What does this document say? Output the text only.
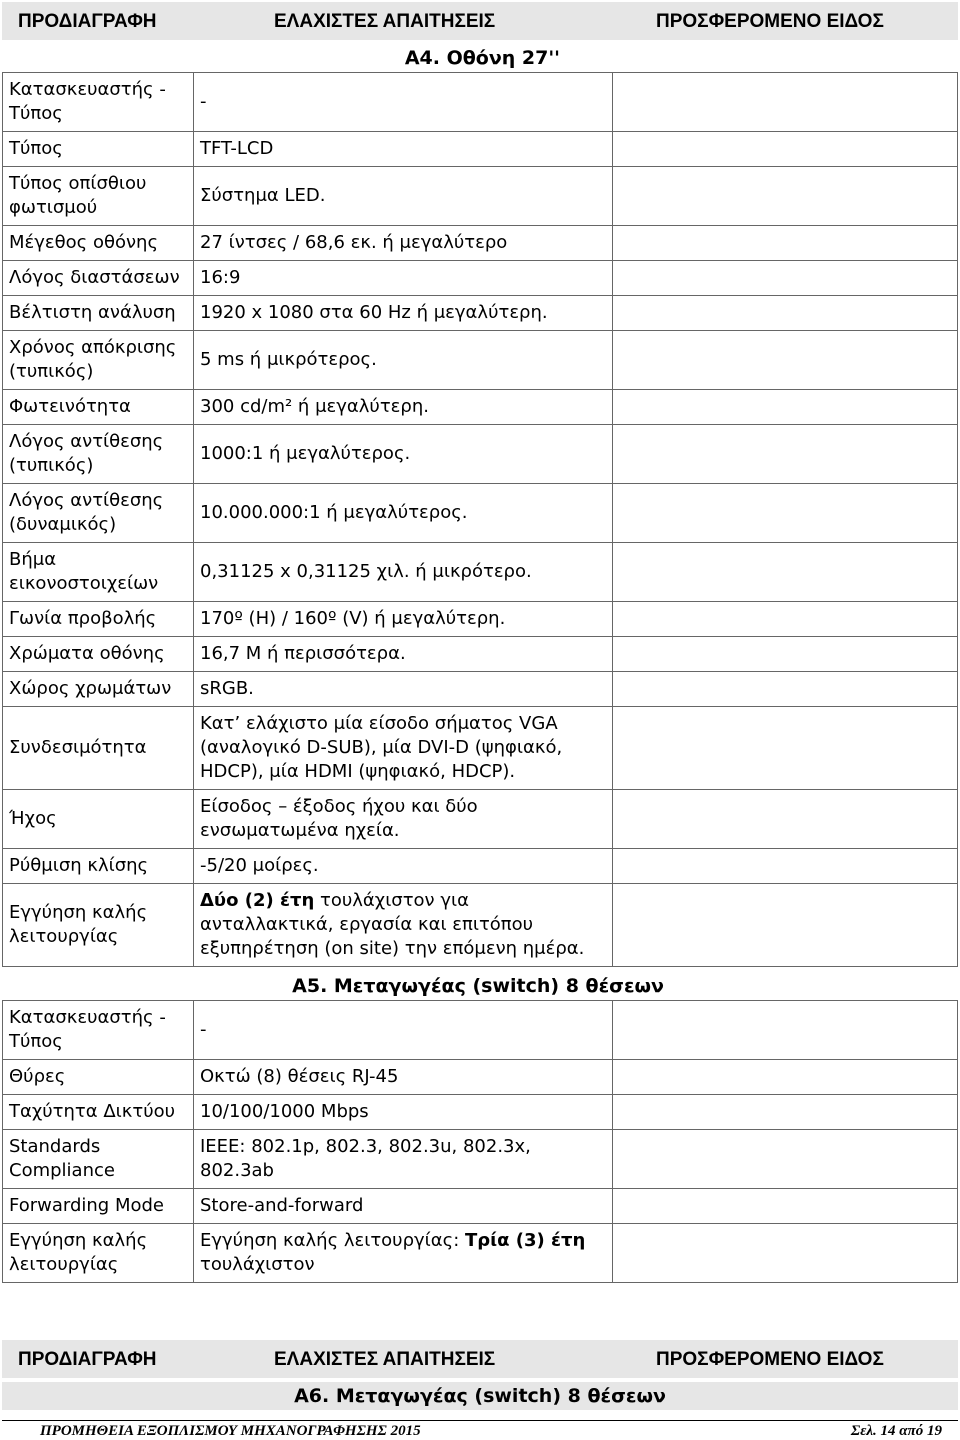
ΠΡΟΔΙΑΓΡΑΦΗ	ΕΛΑΧΙΣΤΕΣ ΑΠΑΙΤΗΣΕΙΣ	ΠΡΟΣΦΕΡΟΜΕΝΟ ΕΙΔΟΣ
Α4. Οθόνη 27''
Κατασκευαστής - Τύπος	-	
Τύπος	TFT-LCD	
Τύπος οπίσθιου φωτισμού	Σύστημα LED.	
Μέγεθος οθόνης	27 ίντσες / 68,6 εκ. ή μεγαλύτερο	
Λόγος διαστάσεων	16:9	
Βέλτιστη ανάλυση	1920 x 1080 στα 60 Hz ή μεγαλύτερη.	
Χρόνος απόκρισης (τυπικός)	5 ms ή μικρότερος.	
Φωτεινότητα	300 cd/m² ή μεγαλύτερη.	
Λόγος αντίθεσης (τυπικός)	1000:1 ή μεγαλύτερος.	
Λόγος αντίθεσης (δυναμικός)	10.000.000:1 ή μεγαλύτερος.	
Βήμα εικονοστοιχείων	0,31125 x 0,31125 χιλ. ή μικρότερο.	
Γωνία προβολής	170º (H) / 160º (V) ή μεγαλύτερη.	
Χρώματα οθόνης	16,7 M ή περισσότερα.	
Χώρος χρωμάτων	sRGB.	
Συνδεσιμότητα	Κατ’ ελάχιστο μία είσοδο σήματος VGA (αναλογικό D-SUB), μία DVI-D (ψηφιακό, HDCP), μία HDMI (ψηφιακό, HDCP).	
Ήχος	Είσοδος – έξοδος ήχου και δύο ενσωματωμένα ηχεία.	
Ρύθμιση κλίσης	-5/20 μοίρες.	
Εγγύηση καλής λειτουργίας	Δύο (2) έτη τουλάχιστον για ανταλλακτικά, εργασία και επιτόπου εξυπηρέτηση (on site) την επόμενη ημέρα.	
Α5. Μεταγωγέας (switch) 8 θέσεων
Κατασκευαστής - Τύπος	-	
Θύρες	Οκτώ (8) θέσεις RJ-45	
Ταχύτητα Δικτύου	10/100/1000 Mbps	
Standards Compliance	IEEE: 802.1p, 802.3, 802.3u, 802.3x, 802.3ab	
Forwarding Mode	Store-and-forward	
Εγγύηση καλής λειτουργίας	Εγγύηση καλής λειτουργίας: Τρία (3) έτη τουλάχιστον	
ΠΡΟΔΙΑΓΡΑΦΗ	ΕΛΑΧΙΣΤΕΣ ΑΠΑΙΤΗΣΕΙΣ	ΠΡΟΣΦΕΡΟΜΕΝΟ ΕΙΔΟΣ
Α6. Μεταγωγέας (switch) 8 θέσεων
ΠΡΟΜΗΘΕΙΑ ΕΞΟΠΛΙΣΜΟΥ ΜΗΧΑΝΟΓΡΑΦΗΣΗΣ 2015	Σελ. 14 από 19
